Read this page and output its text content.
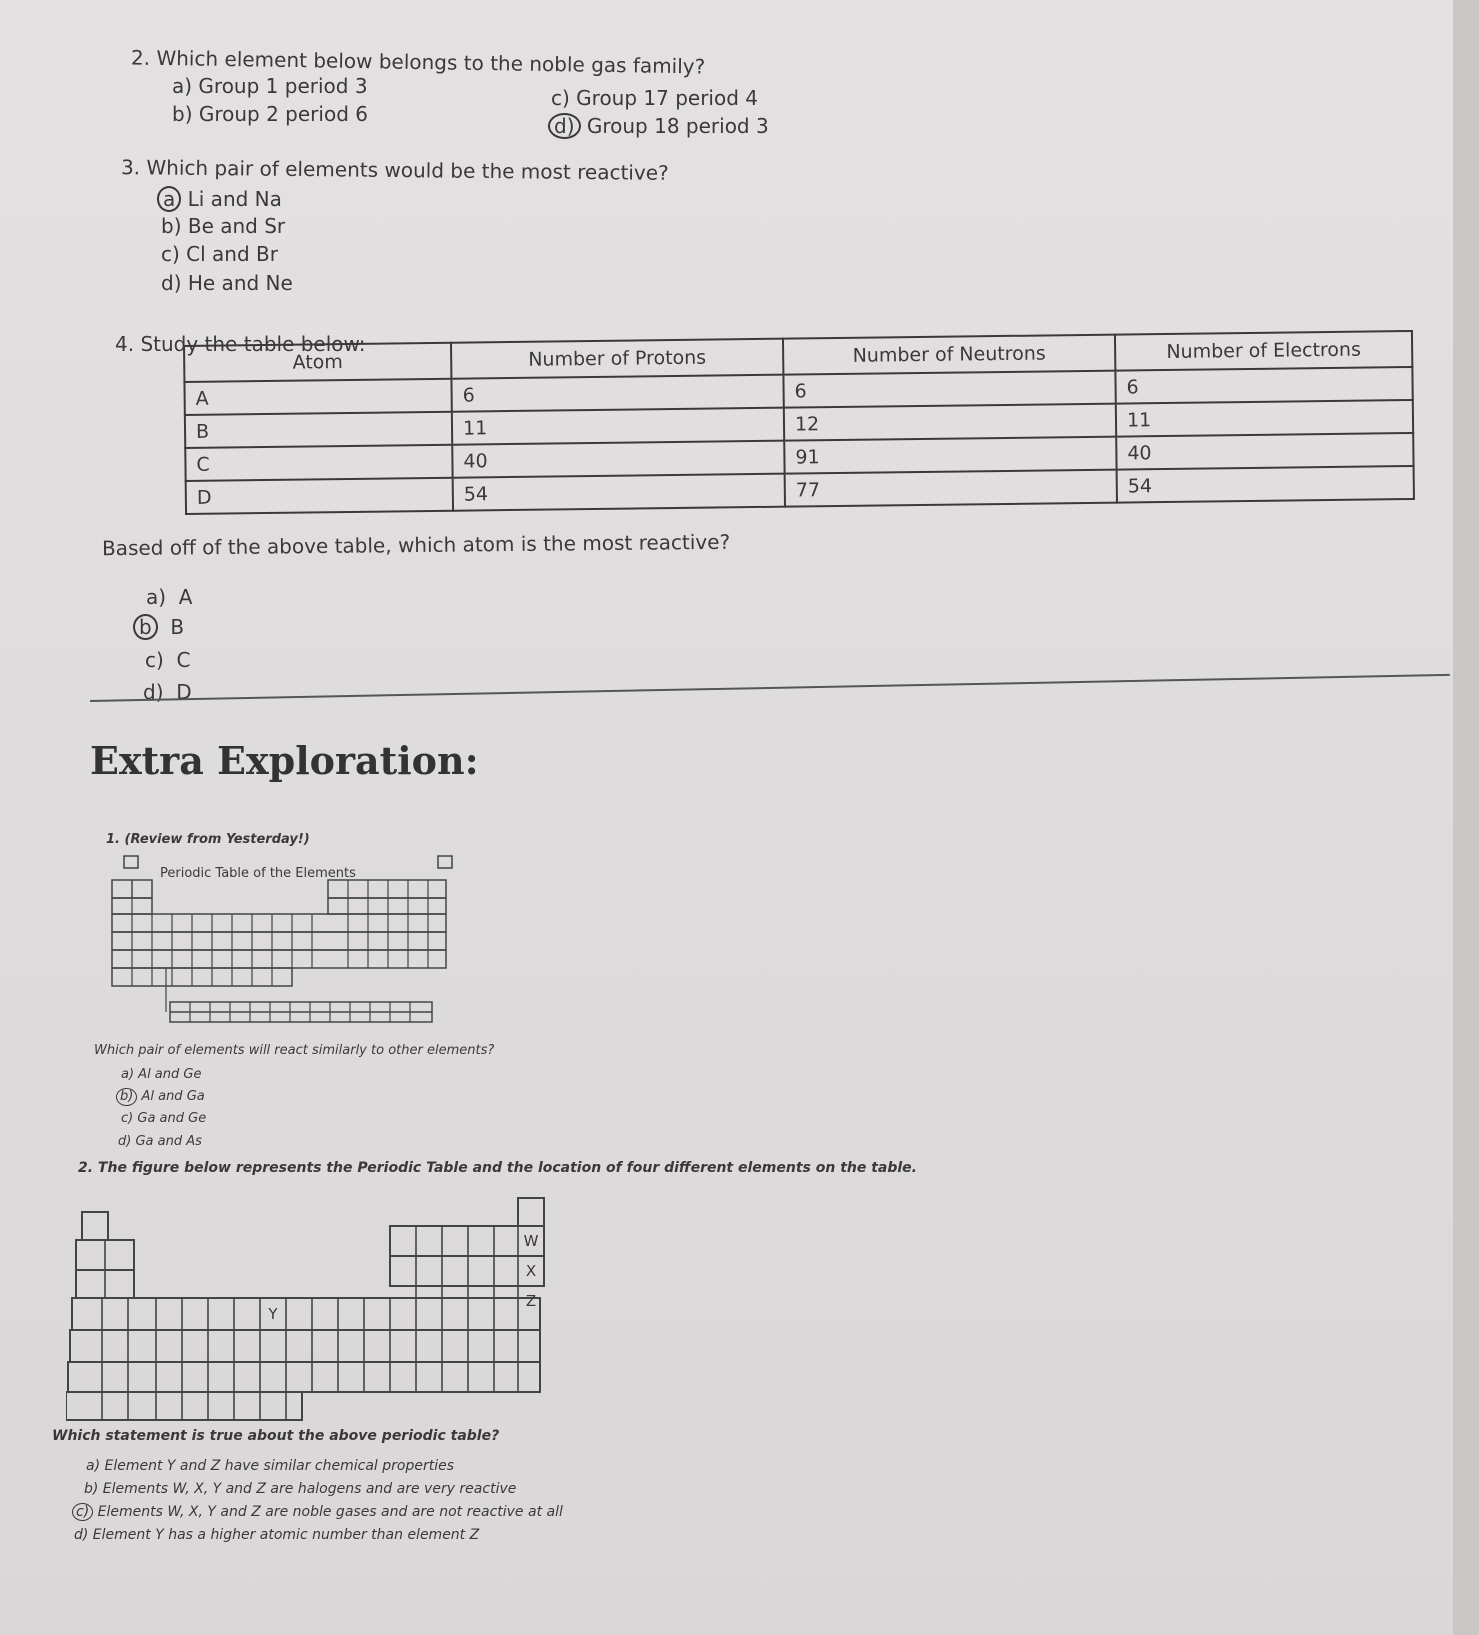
2. Which element below belongs to the noble gas family?
a) Group 1 period 3
b) Group 2 period 6
c) Group 17 period 4
d) Group 18 period 3
3. Which pair of elements would be the most reactive?
a Li and Na
b) Be and Sr
c) Cl and Br
d) He and Ne
4. Study the table below:
Atom	Number of Protons	Number of Neutrons	Number of Electrons
A	6	6	6
B	11	12	11
C	40	91	40
D	54	77	54
Based off of the above table, which atom is the most reactive?
a) A
b B
c) C
d) D
Extra Exploration:
1. (Review from Yesterday!)
Periodic Table of the Elements
Which pair of elements will react similarly to other elements?
a) Al and Ge
b) Al and Ga
c) Ga and Ge
d) Ga and As
2. The figure below represents the Periodic Table and the location of four different elements on the table.
W
X
Z
Y
Which statement is true about the above periodic table?
a) Element Y and Z have similar chemical properties
b) Elements W, X, Y and Z are halogens and are very reactive
c) Elements W, X, Y and Z are noble gases and are not reactive at all
d) Element Y has a higher atomic number than element Z
